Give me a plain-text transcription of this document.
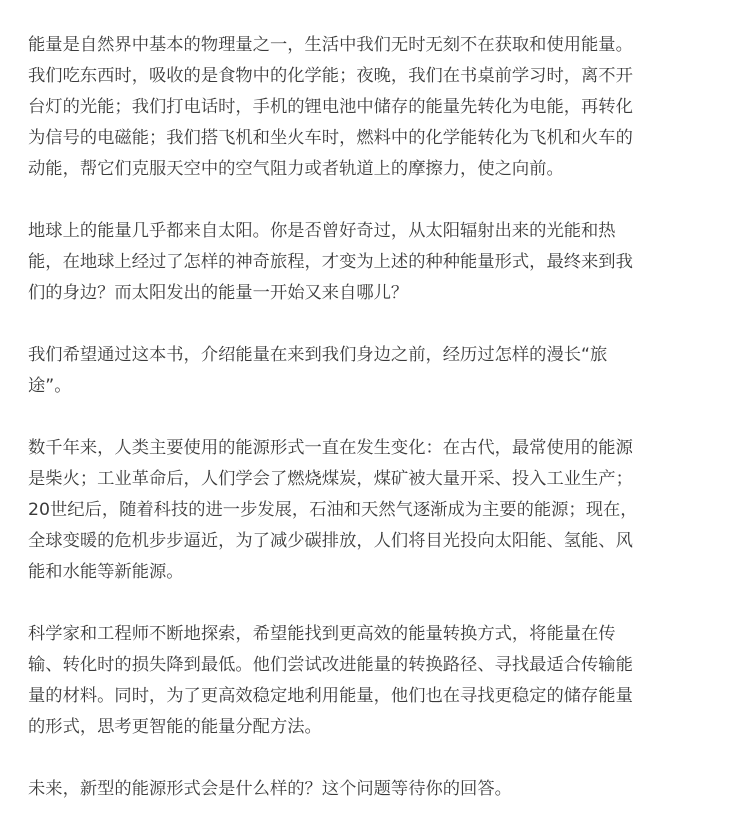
能量是自然界中基本的物理量之一，生活中我们无时无刻不在获取和使用能量。
我们吃东西时，吸收的是食物中的化学能；夜晚，我们在书桌前学习时，离不开
台灯的光能；我们打电话时，手机的锂电池中储存的能量先转化为电能，再转化
为信号的电磁能；我们搭飞机和坐火车时，燃料中的化学能转化为飞机和火车的
动能，帮它们克服天空中的空气阻力或者轨道上的摩擦力，使之向前。

地球上的能量几乎都来自太阳。你是否曾好奇过，从太阳辐射出来的光能和热
能，在地球上经过了怎样的神奇旅程，才变为上述的种种能量形式，最终来到我
们的身边？而太阳发出的能量一开始又来自哪儿？

我们希望通过这本书，介绍能量在来到我们身边之前，经历过怎样的漫长“旅
途”。

数千年来，人类主要使用的能源形式一直在发生变化：在古代，最常使用的能源
是柴火；工业革命后，人们学会了燃烧煤炭，煤矿被大量开采、投入工业生产；
20世纪后，随着科技的进一步发展，石油和天然气逐渐成为主要的能源；现在，
全球变暖的危机步步逼近，为了减少碳排放，人们将目光投向太阳能、氢能、风
能和水能等新能源。

科学家和工程师不断地探索，希望能找到更高效的能量转换方式，将能量在传
输、转化时的损失降到最低。他们尝试改进能量的转换路径、寻找最适合传输能
量的材料。同时，为了更高效稳定地利用能量，他们也在寻找更稳定的储存能量
的形式，思考更智能的能量分配方法。

未来，新型的能源形式会是什么样的？这个问题等待你的回答。
